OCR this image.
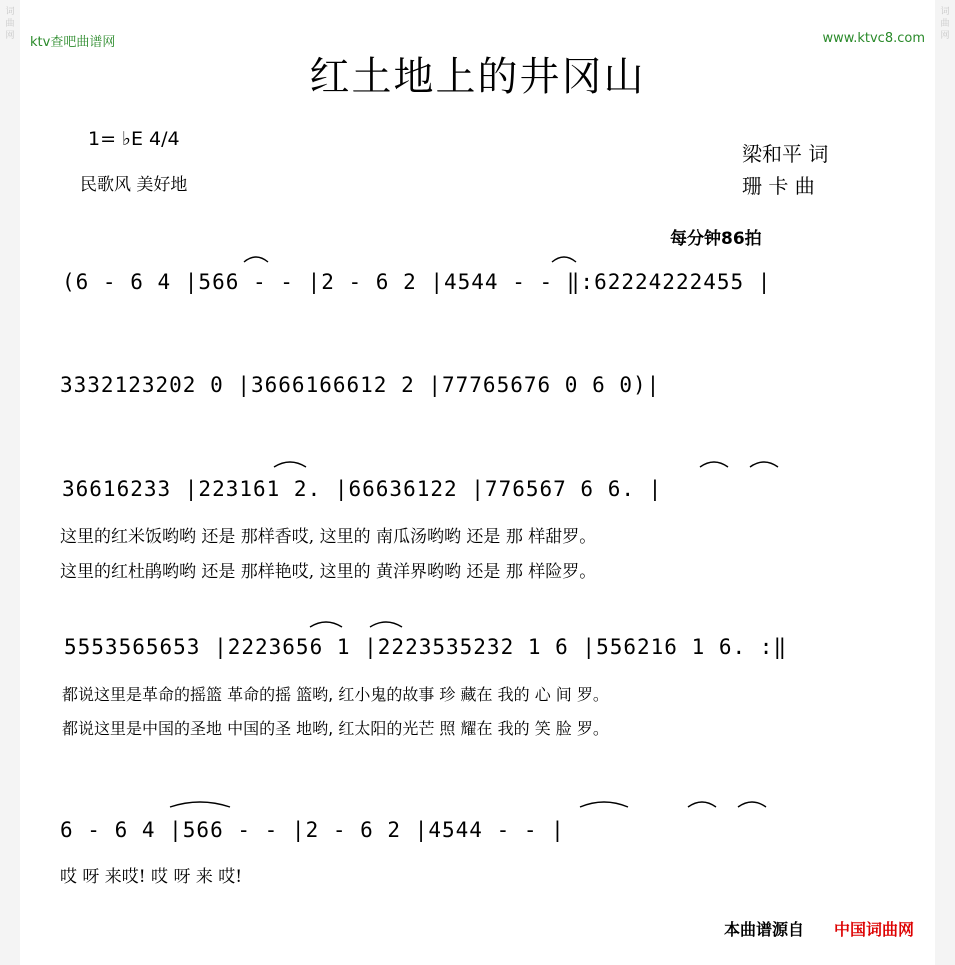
词
曲
网
词
曲
网
ktv查吧曲谱网	www.ktvc8.com
红土地上的井冈山
1= ♭E 4/4
民歌风 美好地
梁和平 词
珊 卡 曲
每分钟86拍
(6 - 6 4 |566 - - |2 - 6 2 |4544 - - ‖:62224222455 |
3332123202 0 |3666166612 2 |77765676 0 6 0)|
36616233 |223161 2. |66636122 |776567 6 6. |
这里的红米饭哟哟 还是 那样香哎, 这里的 南瓜汤哟哟 还是 那 样甜罗。
这里的红杜鹃哟哟 还是 那样艳哎, 这里的 黄洋界哟哟 还是 那 样险罗。
5553565653 |2223656 1 |2223535232 1 6 |556216 1 6. :‖
都说这里是革命的摇篮 革命的摇 篮哟, 红小鬼的故事 珍 藏在 我的 心 间 罗。
都说这里是中国的圣地 中国的圣 地哟, 红太阳的光芒 照 耀在 我的 笑 脸 罗。
6 - 6 4 |566 - - |2 - 6 2 |4544 - - |
哎 呀 来哎! 哎 呀 来 哎!
本曲谱源自 中国词曲网
